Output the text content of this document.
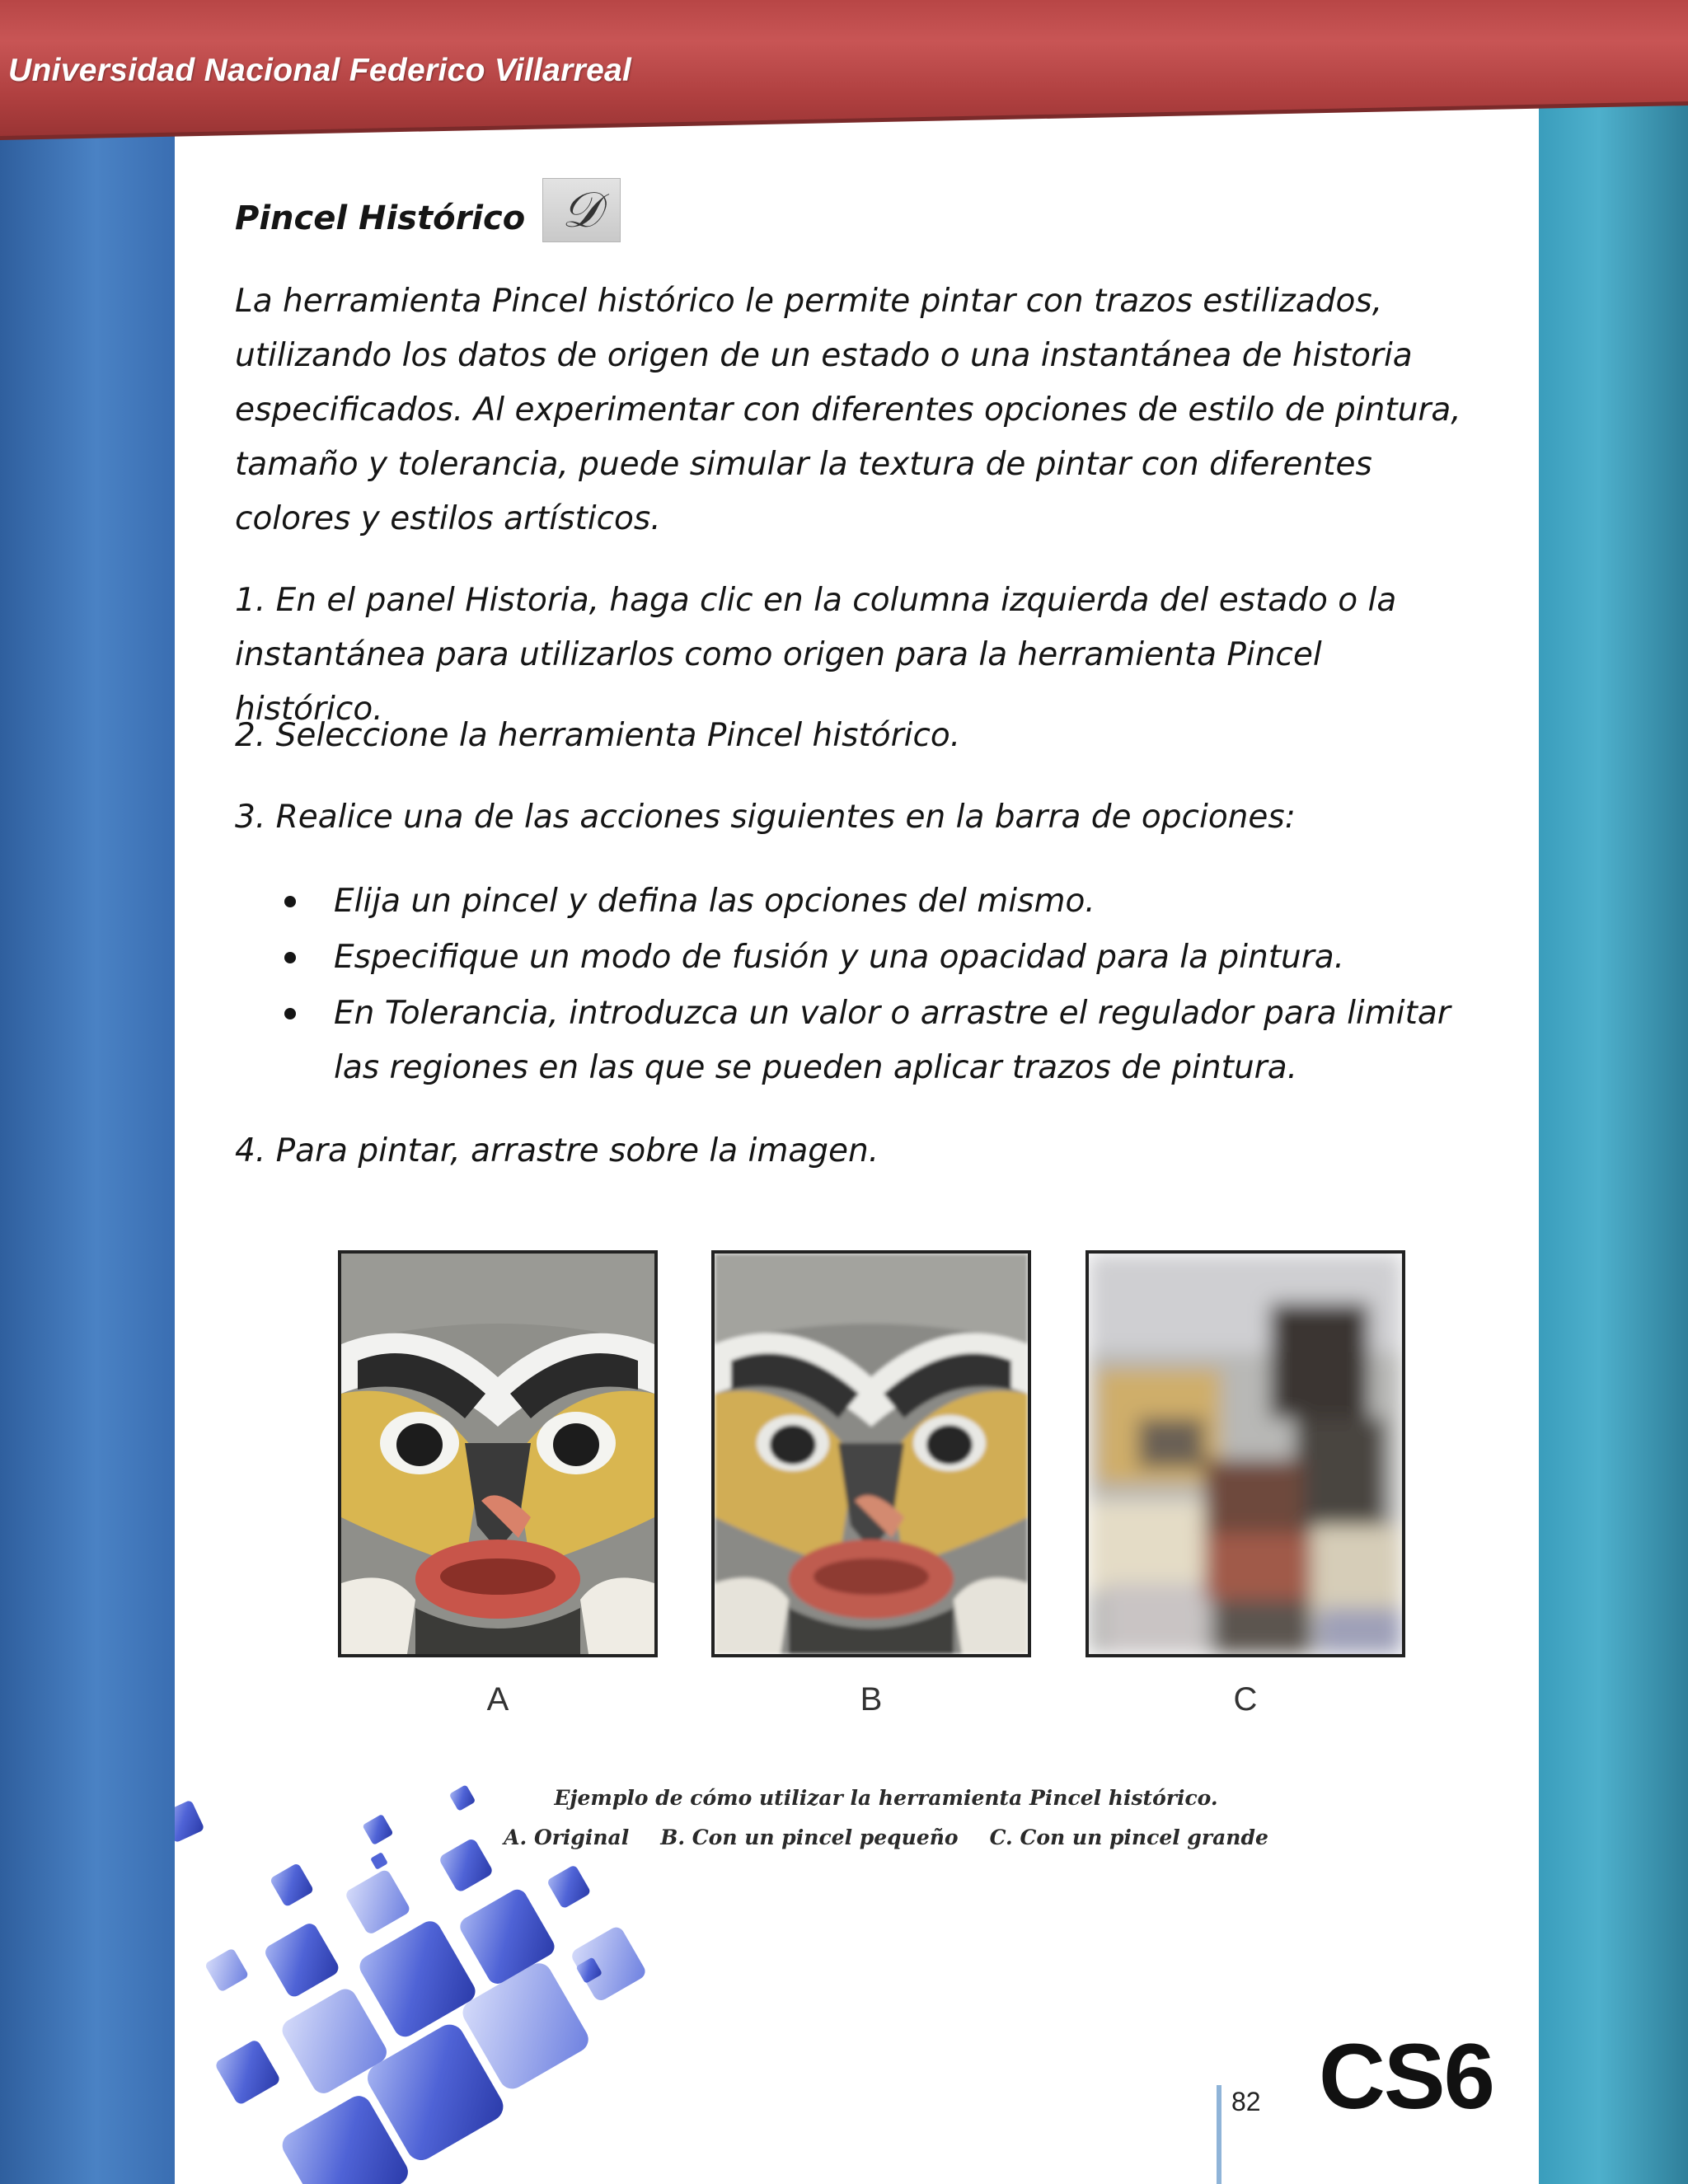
Universidad Nacional Federico Villarreal
Pincel Histórico 𝒟

La herramienta Pincel histórico le permite pintar con trazos estilizados, utilizando los datos de origen de un estado o una instantánea de historia especificados. Al experimentar con diferentes opciones de estilo de pintura, tamaño y tolerancia, puede simular la textura de pintar con diferentes colores y estilos artísticos.

1. En el panel Historia, haga clic en la columna izquierda del estado o la instantánea para utilizarlos como origen para la herramienta Pincel histórico.

2. Seleccione la herramienta Pincel histórico.

3. Realice una de las acciones siguientes en la barra de opciones:

Elija un pincel y defina las opciones del mismo.
Especifique un modo de fusión y una opacidad para la pintura.
En Tolerancia, introduzca un valor o arrastre el regulador para limitar las regiones en las que se pueden aplicar trazos de pintura.

4. Para pintar, arrastre sobre la imagen.

A	B	C
Ejemplo de cómo utilizar la herramienta Pincel histórico.
A. Original B. Con un pincel pequeño C. Con un pincel grande
82 CS6
